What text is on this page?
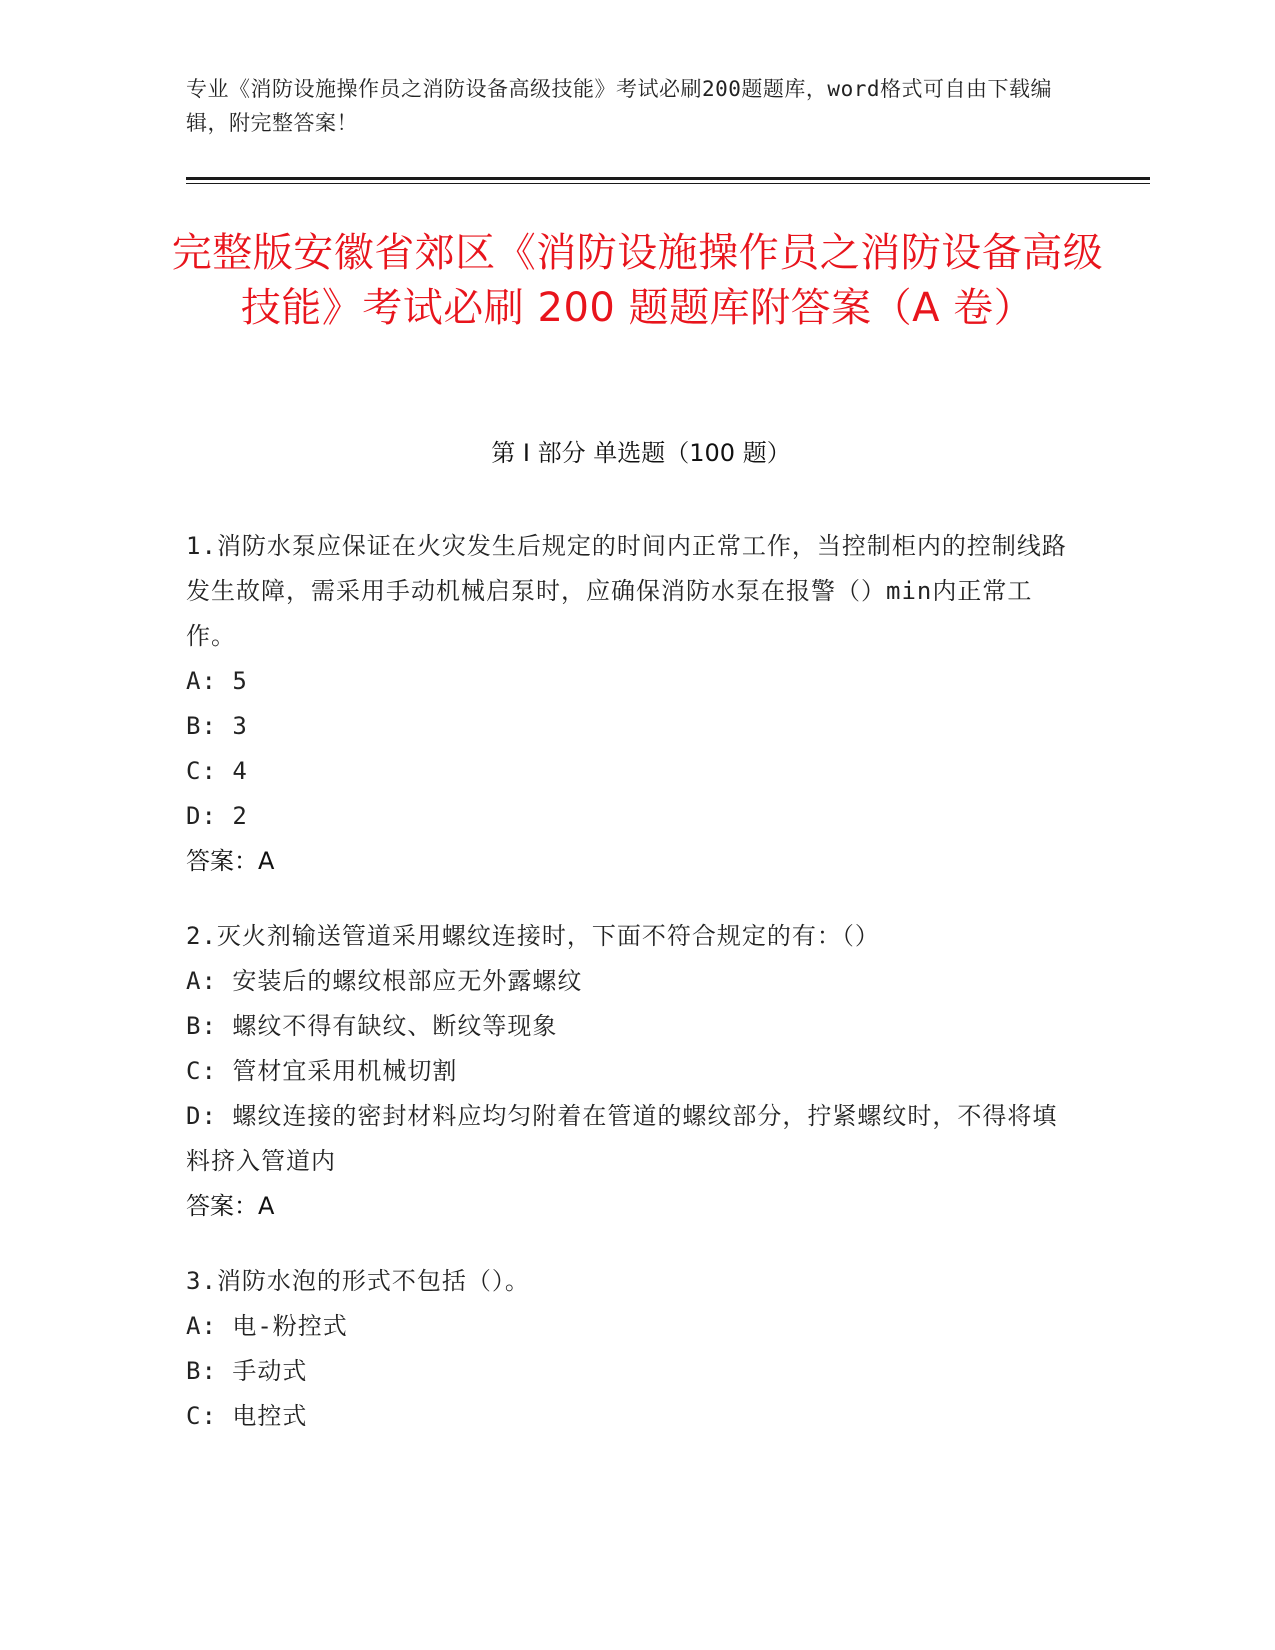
专业《消防设施操作员之消防设备高级技能》考试必刷200题题库，word格式可自由下载编辑，附完整答案！
完整版安徽省郊区《消防设施操作员之消防设备高级技能》考试必刷 200 题题库附答案（A 卷）
第 I 部分 单选题（100 题）
1.消防水泵应保证在火灾发生后规定的时间内正常工作，当控制柜内的控制线路发生故障，需采用手动机械启泵时，应确保消防水泵在报警（）min内正常工作。
A: 5
B: 3
C: 4
D: 2
答案：A
2.灭火剂输送管道采用螺纹连接时，下面不符合规定的有：（）
A: 安装后的螺纹根部应无外露螺纹
B: 螺纹不得有缺纹、断纹等现象
C: 管材宜采用机械切割
D: 螺纹连接的密封材料应均匀附着在管道的螺纹部分，拧紧螺纹时，不得将填料挤入管道内
答案：A
3.消防水泡的形式不包括（）。
A: 电-粉控式
B: 手动式
C: 电控式
